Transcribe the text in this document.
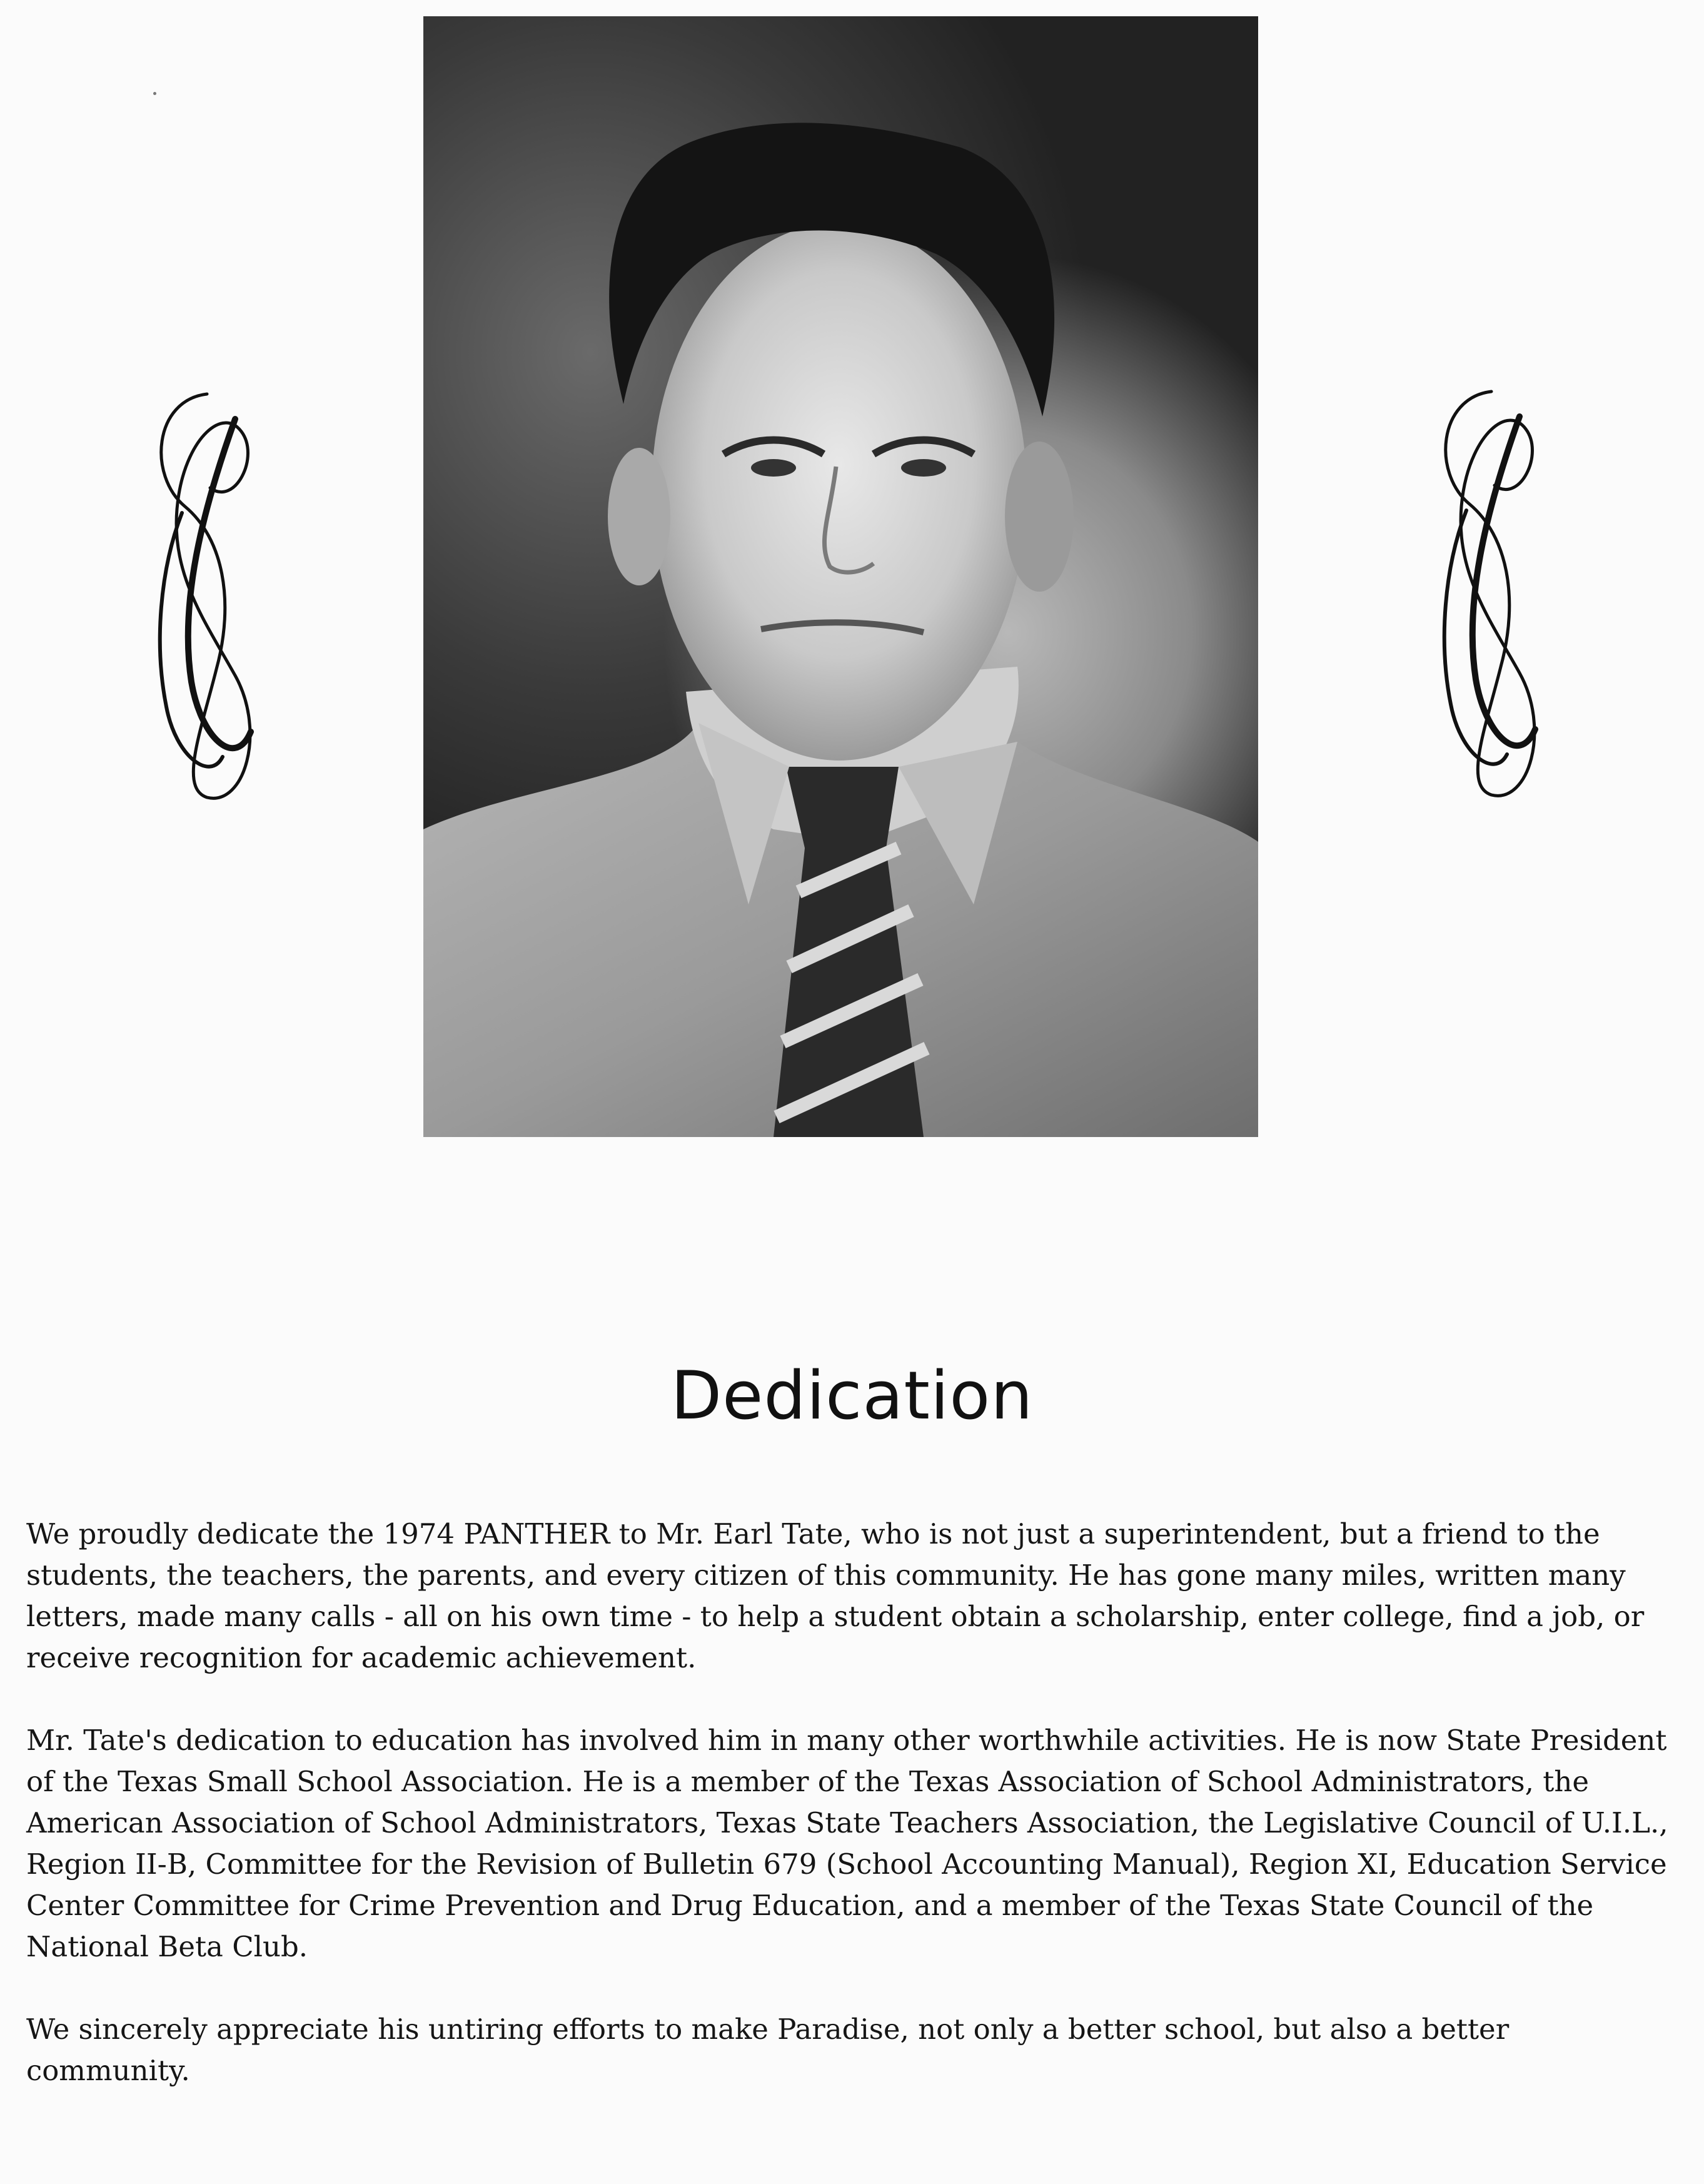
Dedication

We proudly dedicate the 1974 PANTHER to Mr. Earl Tate, who is not just a superintendent, but a friend to the students, the teachers, the parents, and every citizen of this community. He has gone many miles, written many letters, made many calls - all on his own time - to help a student obtain a scholarship, enter college, find a job, or receive recognition for academic achievement.

Mr. Tate's dedication to education has involved him in many other worthwhile activities. He is now State President of the Texas Small School Association. He is a member of the Texas Association of School Administrators, the American Association of School Administrators, Texas State Teachers Association, the Legislative Council of U.I.L., Region II-B, Committee for the Revision of Bulletin 679 (School Accounting Manual), Region XI, Education Service Center Committee for Crime Prevention and Drug Education, and a member of the Texas State Council of the National Beta Club.

We sincerely appreciate his untiring efforts to make Paradise, not only a better school, but also a better community.
